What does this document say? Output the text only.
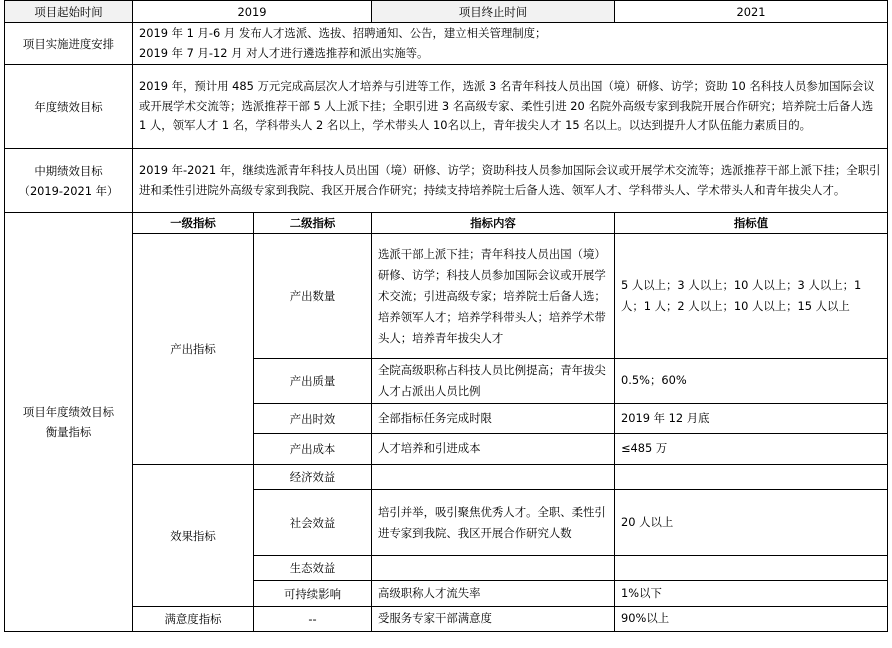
项目起始时间	2019		项目终止时间	2021
项目实施进度安排	2019 年 1 月-6 月 发布人才选派、选拔、招聘通知、公告，建立相关管理制度；
2019 年 7 月-12 月 对人才进行遴选推荐和派出实施等。			

年度绩效目标	2019 年，预计用 485 万元完成高层次人才培养与引进等工作，选派 3 名青年科技人员出国（境）研修、访学；资助 10 名科技人员参加国际会议或开展学术交流等；选派推荐干部 5 人上派下挂；全职引进 3 名高级专家、柔性引进 20 名院外高级专家到我院开展合作研究；培养院士后备人选 1 人，领军人才 1 名，学科带头人 2 名以上，学术带头人 10名以上，青年拔尖人才 15 名以上。以达到提升人才队伍能力素质目的。			

中期绩效目标
（2019-2021 年）	2019 年-2021 年，继续选派青年科技人员出国（境）研修、访学；资助科技人员参加国际会议或开展学术交流等；选派推荐干部上派下挂；全职引进和柔性引进院外高级专家到我院、我区开展合作研究；持续支持培养院士后备人选、领军人才、学科带头人、学术带头人和青年拔尖人才。			

项目年度绩效目标
衡量指标	一级指标	二级指标	指标内容	指标值
	产出指标	产出数量	选派干部上派下挂；青年科技人员出国（境）研修、访学；科技人员参加国际会议或开展学术交流；引进高级专家；培养院士后备人选；培养领军人才；培养学科带头人；培养学术带头人；培养青年拔尖人才	5 人以上；3 人以上；10 人以上；3 人以上；1 人；1 人；2 人以上；10 人以上；15 人以上
		产出质量	全院高级职称占科技人员比例提高；青年拔尖人才占派出人员比例	0.5%；60%
		产出时效	全部指标任务完成时限	2019 年 12 月底
		产出成本	人才培养和引进成本	≤485 万
	效果指标	经济效益		
		社会效益	培引并举，吸引聚焦优秀人才。全职、柔性引进专家到我院、我区开展合作研究人数	20 人以上
		生态效益		
		可持续影响	高级职称人才流失率	1%以下
	满意度指标	--	受服务专家干部满意度	90%以上
